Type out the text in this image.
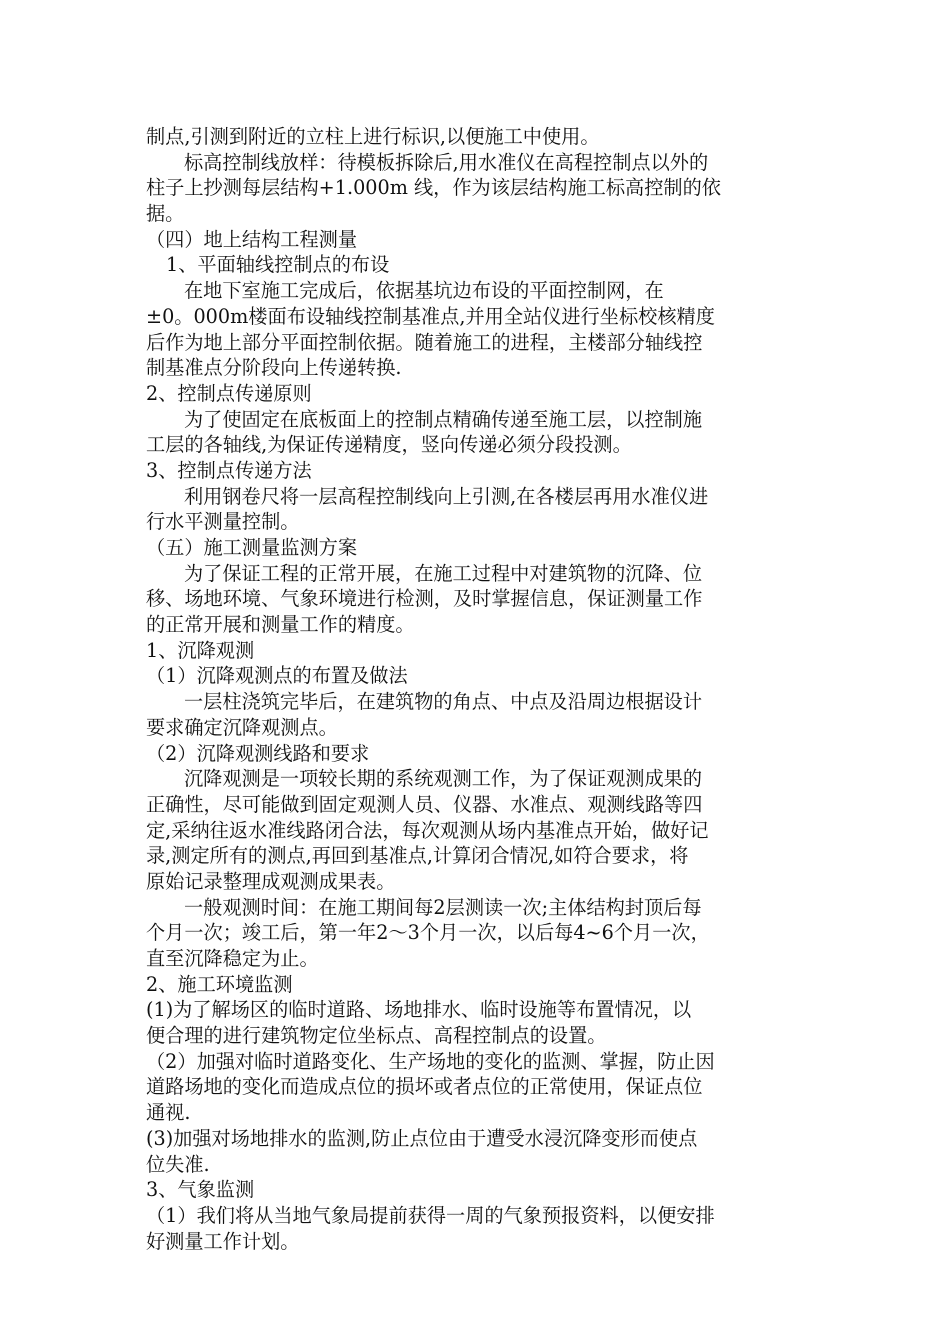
制点,引测到附近的立柱上进行标识,以便施工中使用。
标高控制线放样：待模板拆除后,用水准仪在高程控制点以外的
柱子上抄测每层结构+1.000m 线，作为该层结构施工标高控制的依
据。
（四）地上结构工程测量
1、平面轴线控制点的布设
在地下室施工完成后，依据基坑边布设的平面控制网，在
±0。000m楼面布设轴线控制基准点,并用全站仪进行坐标校核精度
后作为地上部分平面控制依据。随着施工的进程，主楼部分轴线控
制基准点分阶段向上传递转换.
2、控制点传递原则
为了使固定在底板面上的控制点精确传递至施工层，以控制施
工层的各轴线,为保证传递精度，竖向传递必须分段投测。
3、控制点传递方法
利用钢卷尺将一层高程控制线向上引测,在各楼层再用水准仪进
行水平测量控制。
（五）施工测量监测方案
为了保证工程的正常开展，在施工过程中对建筑物的沉降、位
移、场地环境、气象环境进行检测，及时掌握信息，保证测量工作
的正常开展和测量工作的精度。
1、沉降观测
（1）沉降观测点的布置及做法
一层柱浇筑完毕后，在建筑物的角点、中点及沿周边根据设计
要求确定沉降观测点。
（2）沉降观测线路和要求
沉降观测是一项较长期的系统观测工作，为了保证观测成果的
正确性，尽可能做到固定观测人员、仪器、水准点、观测线路等四
定,采纳往返水准线路闭合法，每次观测从场内基准点开始，做好记
录,测定所有的测点,再回到基准点,计算闭合情况,如符合要求，将
原始记录整理成观测成果表。
一般观测时间：在施工期间每2层测读一次;主体结构封顶后每
个月一次；竣工后，第一年2～3个月一次，以后每4~6个月一次，
直至沉降稳定为止。
2、施工环境监测
(1)为了解场区的临时道路、场地排水、临时设施等布置情况，以
便合理的进行建筑物定位坐标点、高程控制点的设置。
（2）加强对临时道路变化、生产场地的变化的监测、掌握，防止因
道路场地的变化而造成点位的损坏或者点位的正常使用，保证点位
通视.
(3)加强对场地排水的监测,防止点位由于遭受水浸沉降变形而使点
位失准.
3、气象监测
（1）我们将从当地气象局提前获得一周的气象预报资料，以便安排
好测量工作计划。
